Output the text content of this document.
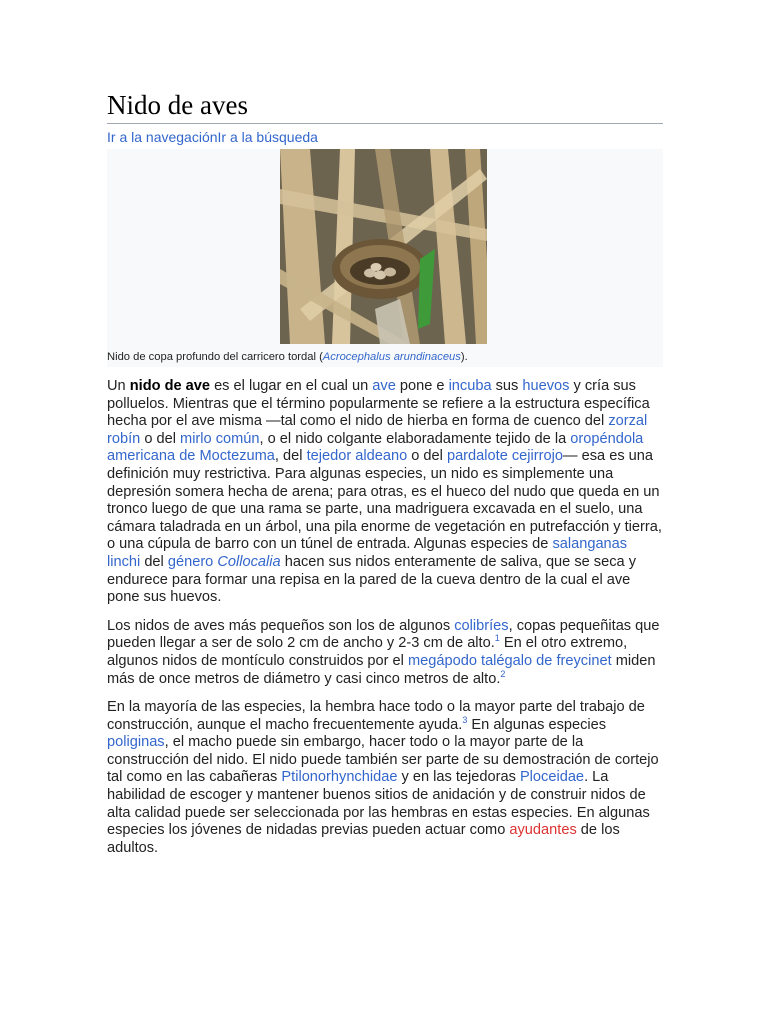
Nido de aves
Ir a la navegaciónIr a la búsqueda
Nido de copa profundo del carricero tordal (Acrocephalus arundinaceus).

Un nido de ave es el lugar en el cual un ave pone e incuba sus huevos y cría sus polluelos. Mientras que el término popularmente se refiere a la estructura específica hecha por el ave misma —tal como el nido de hierba en forma de cuenco del zorzal robín o del mirlo común, o el nido colgante elaboradamente tejido de la oropéndola americana de Moctezuma, del tejedor aldeano o del pardalote cejirrojo— esa es una definición muy restrictiva. Para algunas especies, un nido es simplemente una depresión somera hecha de arena; para otras, es el hueco del nudo que queda en un tronco luego de que una rama se parte, una madriguera excavada en el suelo, una cámara taladrada en un árbol, una pila enorme de vegetación en putrefacción y tierra, o una cúpula de barro con un túnel de entrada. Algunas especies de salanganas linchi del género Collocalia hacen sus nidos enteramente de saliva, que se seca y endurece para formar una repisa en la pared de la cueva dentro de la cual el ave pone sus huevos.

Los nidos de aves más pequeños son los de algunos colibríes, copas pequeñitas que pueden llegar a ser de solo 2 cm de ancho y 2-3 cm de alto.$^1$ En el otro extremo, algunos nidos de montículo construidos por el megápodo talégalo de freycinet miden más de once metros de diámetro y casi cinco metros de alto.$^2$

En la mayoría de las especies, la hembra hace todo o la mayor parte del trabajo de construcción, aunque el macho frecuentemente ayuda.$^3$ En algunas especies poliginas, el macho puede sin embargo, hacer todo o la mayor parte de la construcción del nido. El nido puede también ser parte de su demostración de cortejo tal como en las cabañeras Ptilonorhynchidae y en las tejedoras Ploceidae. La habilidad de escoger y mantener buenos sitios de anidación y de construir nidos de alta calidad puede ser seleccionada por las hembras en estas especies. En algunas especies los jóvenes de nidadas previas pueden actuar como ayudantes de los adultos.
